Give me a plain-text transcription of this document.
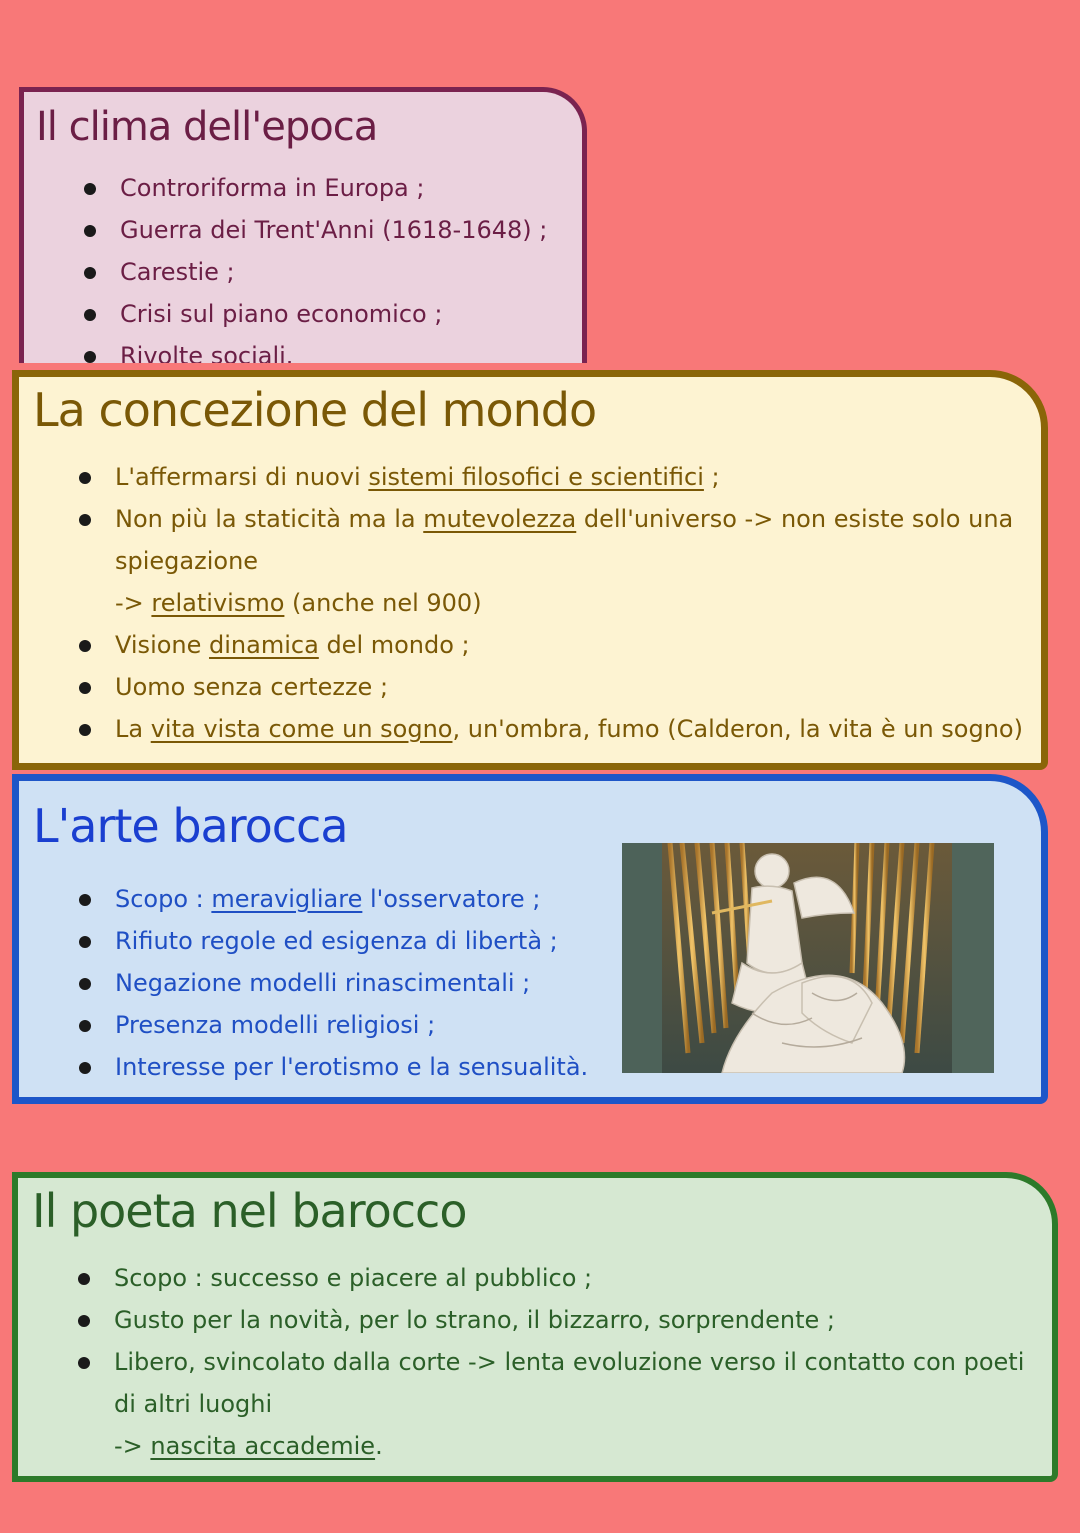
Il clima dell'epoca
Controriforma in Europa ;
Guerra dei Trent'Anni (1618-1648) ;
Carestie ;
Crisi sul piano economico ;
Rivolte sociali.
La concezione del mondo
L'affermarsi di nuovi sistemi filosofici e scientifici ;
Non più la staticità ma la mutevolezza dell'universo -> non esiste solo una
spiegazione
-> relativismo (anche nel 900)
Visione dinamica del mondo ;
Uomo senza certezze ;
La vita vista come un sogno, un'ombra, fumo (Calderon, la vita è un sogno)
L'arte barocca
Scopo : meravigliare l'osservatore ;
Rifiuto regole ed esigenza di libertà ;
Negazione modelli rinascimentali ;
Presenza modelli religiosi ;
Interesse per l'erotismo e la sensualità.
Il poeta nel barocco
Scopo : successo e piacere al pubblico ;
Gusto per la novità, per lo strano, il bizzarro, sorprendente ;
Libero, svincolato dalla corte -> lenta evoluzione verso il contatto con poeti
di altri luoghi
-> nascita accademie.
